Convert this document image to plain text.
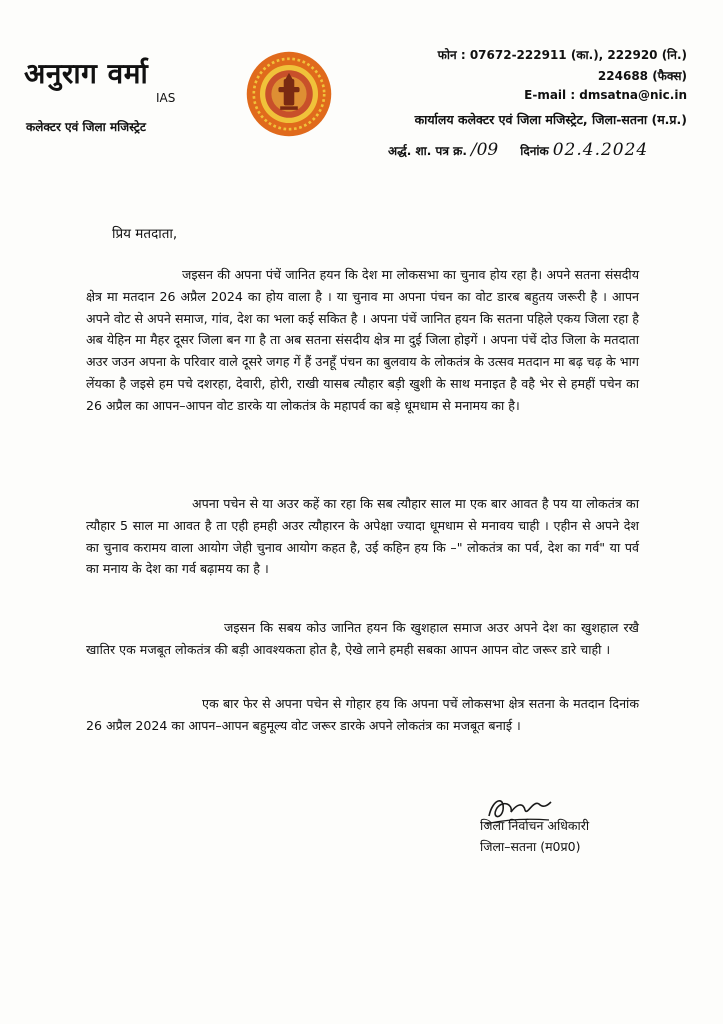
अनुराग वर्मा
IAS
कलेक्टर एवं जिला मजिस्ट्रेट
फोन : 07672-222911 (का.), 222920 (नि.)
224688 (फैक्स)
E-mail : dmsatna@nic.in
कार्यालय कलेक्टर एवं जिला मजिस्ट्रेट, जिला-सतना (म.प्र.)
अर्द्ध. शा. पत्र क्र. /09 दिनांक 02.4.2024
प्रिय मतदाता,
जइसन की अपना पंचें जानित हयन कि देश मा लोकसभा का चुनाव होय रहा है। अपने सतना संसदीय क्षेत्र मा मतदान 26 अप्रैल 2024 का होय वाला है । या चुनाव मा अपना पंचन का वोट डारब बहुतय जरूरी है । आपन अपने वोट से अपने समाज, गांव, देश का भला कई सकित है । अपना पंचें जानित हयन कि सतना पहिले एकय जिला रहा है अब येहिन मा मैहर दूसर जिला बन गा है ता अब सतना संसदीय क्षेत्र मा दुई जिला होइगें । अपना पंचें दोउ जिला के मतदाता अउर जउन अपना के परिवार वाले दूसरे जगह गें हैं उनहूँ पंचन का बुलवाय के लोकतंत्र के उत्सव मतदान मा बढ़ चढ़ के भाग लेंयका है जइसे हम पचे दशरहा, देवारी, होरी, राखी यासब त्यौहार बड़ी खुशी के साथ मनाइत है वहै भेर से हमहीं पचेन का 26 अप्रैल का आपन–आपन वोट डारके या लोकतंत्र के महापर्व का बड़े धूमधाम से मनामय का है।
अपना पचेन से या अउर कहें का रहा कि सब त्यौहार साल मा एक बार आवत है पय या लोकतंत्र का त्यौहार 5 साल मा आवत है ता एही हमही अउर त्यौहारन के अपेक्षा ज्यादा धूमधाम से मनावय चाही । एहीन से अपने देश का चुनाव करामय वाला आयोग जेही चुनाव आयोग कहत है, उई कहिन हय कि –" लोकतंत्र का पर्व, देश का गर्व" या पर्व का मनाय के देश का गर्व बढ़ामय का है ।
जइसन कि सबय कोउ जानित हयन कि खुशहाल समाज अउर अपने देश का खुशहाल रखै खातिर एक मजबूत लोकतंत्र की बड़ी आवश्यकता होत है, ऐखे लाने हमही सबका आपन आपन वोट जरूर डारे चाही ।
एक बार फेर से अपना पचेन से गोहार हय कि अपना पचें लोकसभा क्षेत्र सतना के मतदान दिनांक 26 अप्रैल 2024 का आपन–आपन बहुमूल्य वोट जरूर डारके अपने लोकतंत्र का मजबूत बनाई ।
जिला निर्वाचन अधिकारी
जिला–सतना (म0प्र0)
